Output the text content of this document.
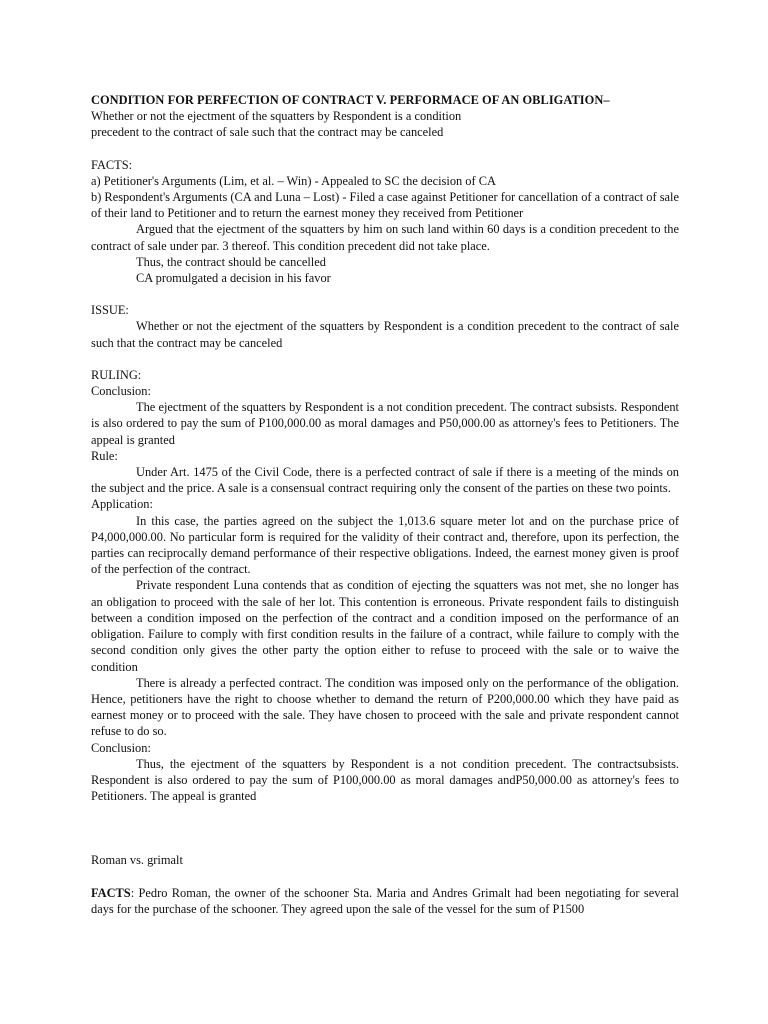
CONDITION FOR PERFECTION OF CONTRACT V. PERFORMACE OF AN OBLIGATION–
Whether or not the ejectment of the squatters by Respondent is a condition
precedent to the contract of sale such that the contract may be canceled
FACTS:
a) Petitioner's Arguments (Lim, et al. – Win) - Appealed to SC the decision of CA

b) Respondent's Arguments (CA and Luna – Lost) - Filed a case against Petitioner for cancellation of a contract of sale of their land to Petitioner and to return the earnest money they received from Petitioner

Argued that the ejectment of the squatters by him on such land within 60 days is a condition precedent to the contract of sale under par. 3 thereof. This condition precedent did not take place.

Thus, the contract should be cancelled
CA promulgated a decision in his favor
ISSUE:

Whether or not the ejectment of the squatters by Respondent is a condition precedent to the contract of sale such that the contract may be canceled

RULING:
Conclusion:

The ejectment of the squatters by Respondent is a not condition precedent. The contract subsists. Respondent is also ordered to pay the sum of P100,000.00 as moral damages and P50,000.00 as attorney's fees to Petitioners. The appeal is granted

Rule:

Under Art. 1475 of the Civil Code, there is a perfected contract of sale if there is a meeting of the minds on the subject and the price. A sale is a consensual contract requiring only the consent of the parties on these two points.

Application:

In this case, the parties agreed on the subject the 1,013.6 square meter lot and on the purchase price of P4,000,000.00. No particular form is required for the validity of their contract and, therefore, upon its perfection, the parties can reciprocally demand performance of their respective obligations. Indeed, the earnest money given is proof of the perfection of the contract.

Private respondent Luna contends that as condition of ejecting the squatters was not met, she no longer has an obligation to proceed with the sale of her lot. This contention is erroneous. Private respondent fails to distinguish between a condition imposed on the perfection of the contract and a condition imposed on the performance of an obligation. Failure to comply with first condition results in the failure of a contract, while failure to comply with the second condition only gives the other party the option either to refuse to proceed with the sale or to waive the condition

There is already a perfected contract. The condition was imposed only on the performance of the obligation. Hence, petitioners have the right to choose whether to demand the return of P200,000.00 which they have paid as earnest money or to proceed with the sale. They have chosen to proceed with the sale and private respondent cannot refuse to do so.

Conclusion:

Thus, the ejectment of the squatters by Respondent is a not condition precedent. The contractsubsists. Respondent is also ordered to pay the sum of P100,000.00 as moral damages andP50,000.00 as attorney's fees to Petitioners. The appeal is granted

Roman vs. grimalt

FACTS: Pedro Roman, the owner of the schooner Sta. Maria and Andres Grimalt had been negotiating for several days for the purchase of the schooner. They agreed upon the sale of the vessel for the sum of P1500
